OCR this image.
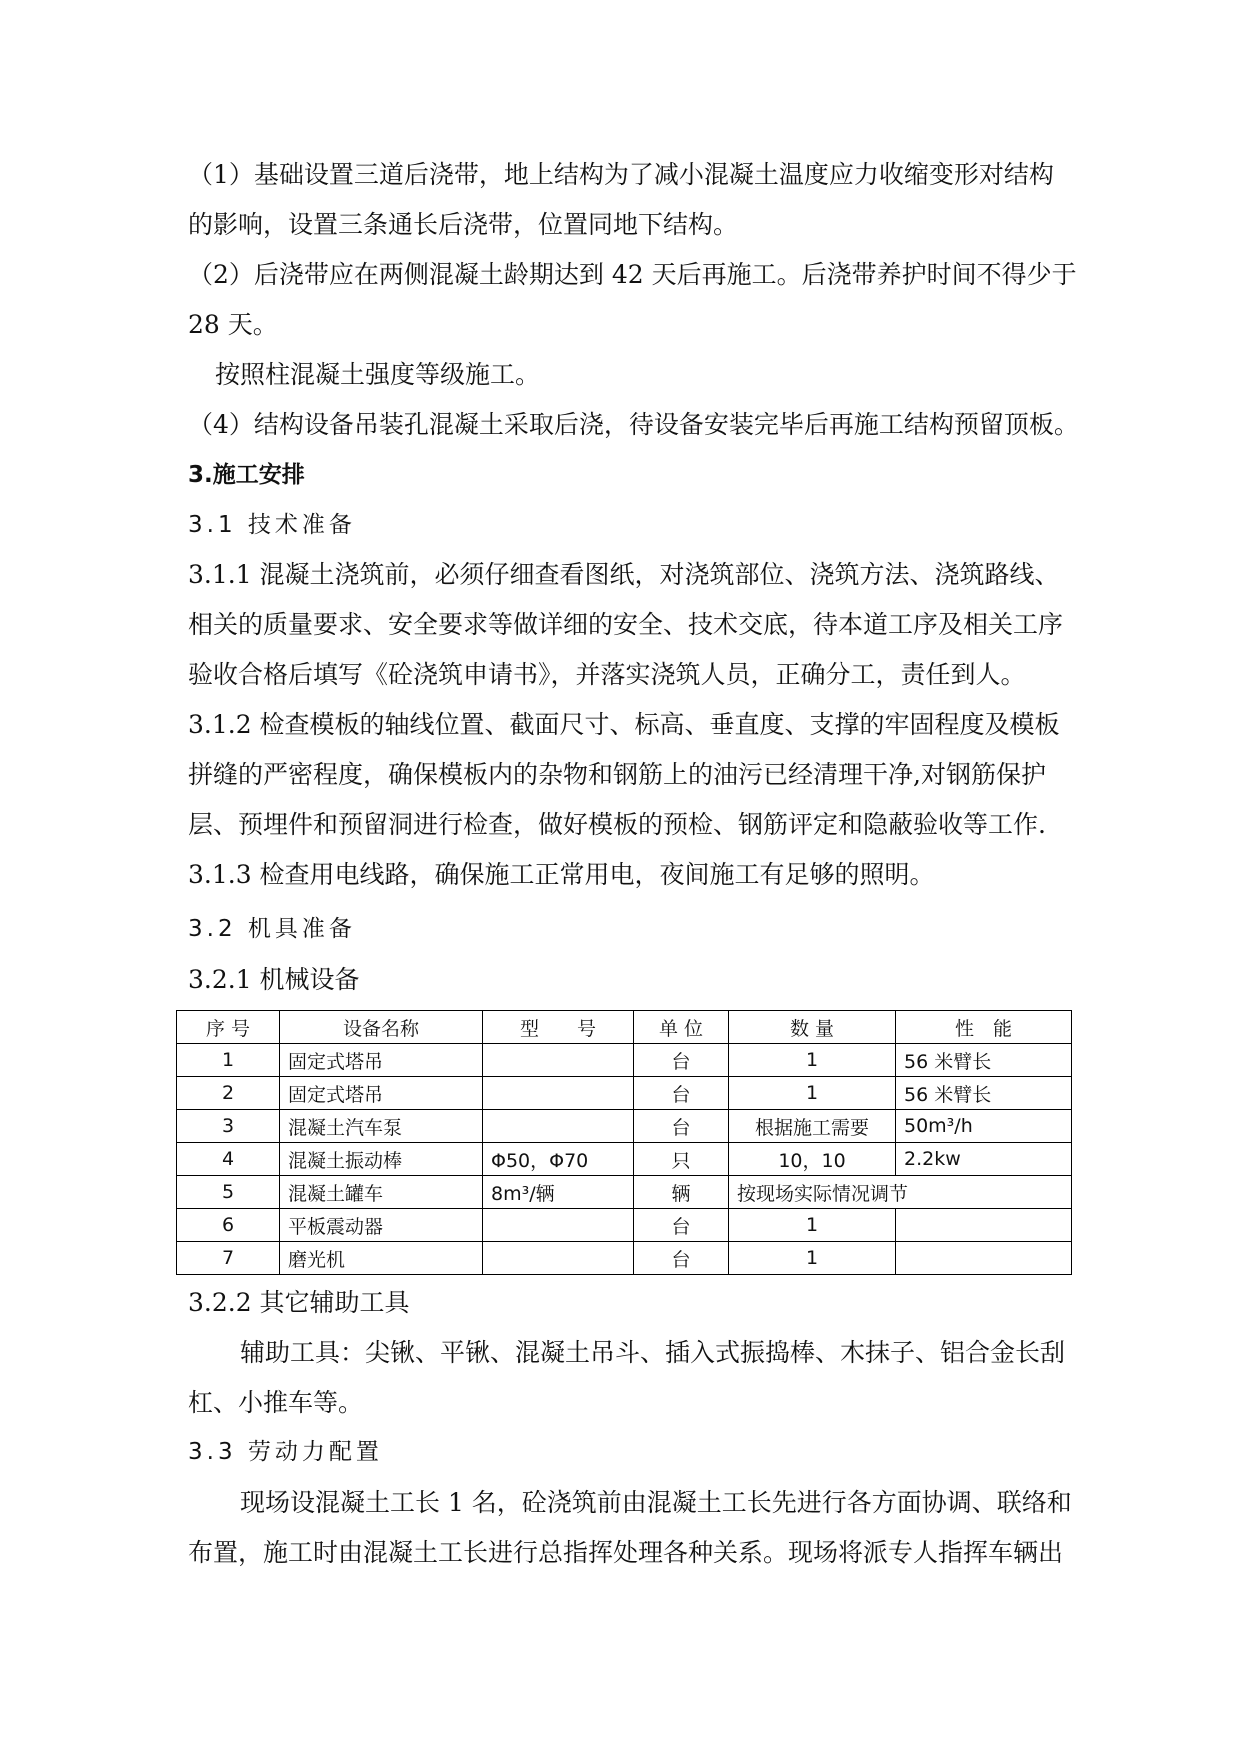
（1）基础设置三道后浇带，地上结构为了减小混凝土温度应力收缩变形对结构
的影响，设置三条通长后浇带，位置同地下结构。
（2）后浇带应在两侧混凝土龄期达到 42 天后再施工。后浇带养护时间不得少于
28 天。
按照柱混凝土强度等级施工。
（4）结构设备吊装孔混凝土采取后浇，待设备安装完毕后再施工结构预留顶板。
3.施工安排
3.1 技术准备
3.1.1 混凝土浇筑前，必须仔细查看图纸，对浇筑部位、浇筑方法、浇筑路线、
相关的质量要求、安全要求等做详细的安全、技术交底，待本道工序及相关工序
验收合格后填写《砼浇筑申请书》，并落实浇筑人员，正确分工，责任到人。
3.1.2 检查模板的轴线位置、截面尺寸、标高、垂直度、支撑的牢固程度及模板
拼缝的严密程度，确保模板内的杂物和钢筋上的油污已经清理干净,对钢筋保护
层、预埋件和预留洞进行检查，做好模板的预检、钢筋评定和隐蔽验收等工作.
3.1.3 检查用电线路，确保施工正常用电，夜间施工有足够的照明。
3.2 机具准备
3.2.1 机械设备
序 号	设备名称	型　　号	单 位	数 量	性　能
1	固定式塔吊		台	1	56 米臂长
2	固定式塔吊		台	1	56 米臂长
3	混凝土汽车泵		台	根据施工需要	50m³/h
4	混凝土振动棒	Φ50，Φ70	只	10，10	2.2kw
5	混凝土罐车	8m³/辆	辆	按现场实际情况调节	
6	平板震动器		台	1	
7	磨光机		台	1	
3.2.2 其它辅助工具
辅助工具：尖锹、平锹、混凝土吊斗、插入式振捣棒、木抹子、铝合金长刮
杠、小推车等。
3.3 劳动力配置
现场设混凝土工长 1 名，砼浇筑前由混凝土工长先进行各方面协调、联络和
布置，施工时由混凝土工长进行总指挥处理各种关系。现场将派专人指挥车辆出
